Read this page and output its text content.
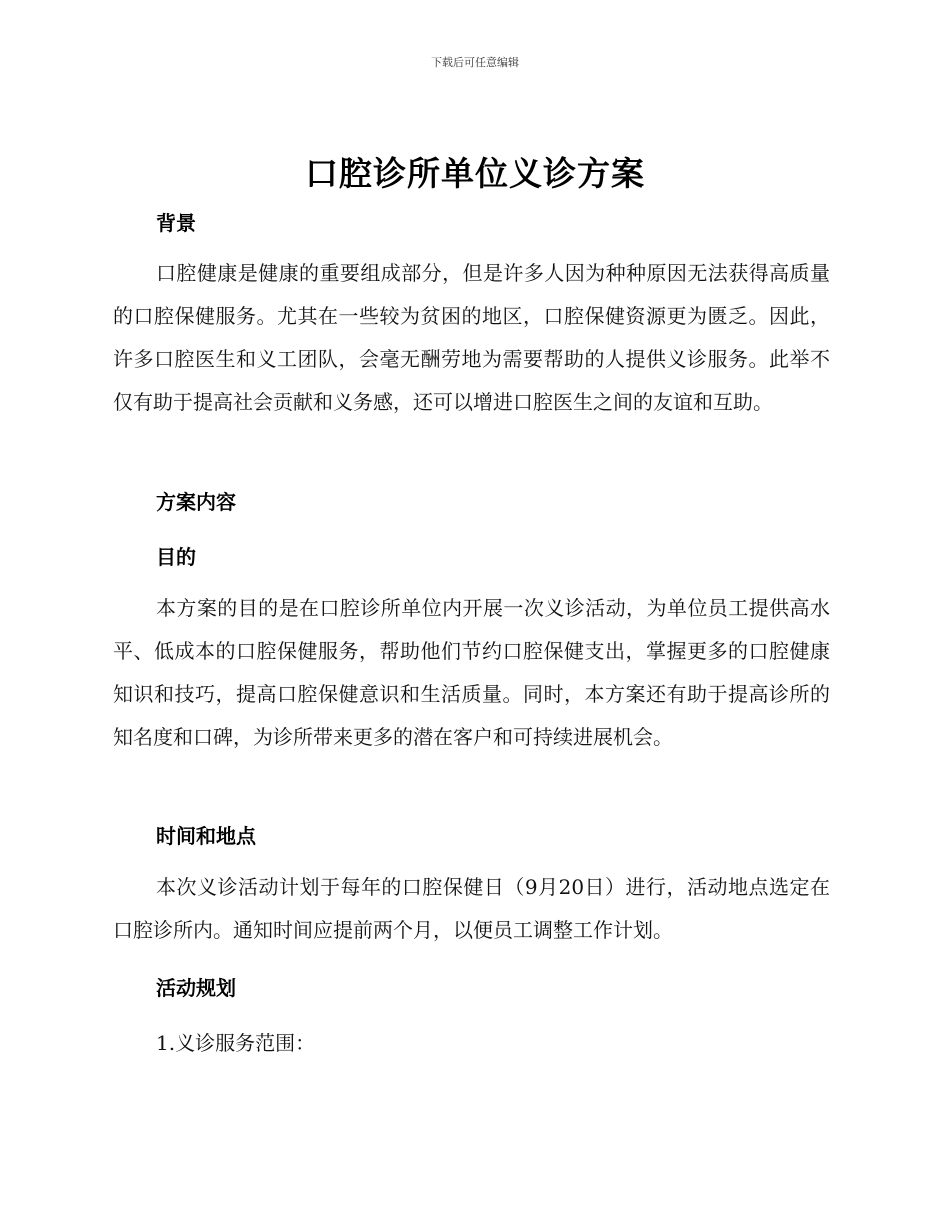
下载后可任意编辑
口腔诊所单位义诊方案
背景

口腔健康是健康的重要组成部分，但是许多人因为种种原因无法获得高质量的口腔保健服务。尤其在一些较为贫困的地区，口腔保健资源更为匮乏。因此，许多口腔医生和义工团队，会毫无酬劳地为需要帮助的人提供义诊服务。此举不仅有助于提高社会贡献和义务感，还可以增进口腔医生之间的友谊和互助。

方案内容
目的

本方案的目的是在口腔诊所单位内开展一次义诊活动，为单位员工提供高水平、低成本的口腔保健服务，帮助他们节约口腔保健支出，掌握更多的口腔健康知识和技巧，提高口腔保健意识和生活质量。同时，本方案还有助于提高诊所的知名度和口碑，为诊所带来更多的潜在客户和可持续进展机会。

时间和地点

本次义诊活动计划于每年的口腔保健日（9月20日）进行，活动地点选定在口腔诊所内。通知时间应提前两个月，以便员工调整工作计划。

活动规划
1.义诊服务范围：
